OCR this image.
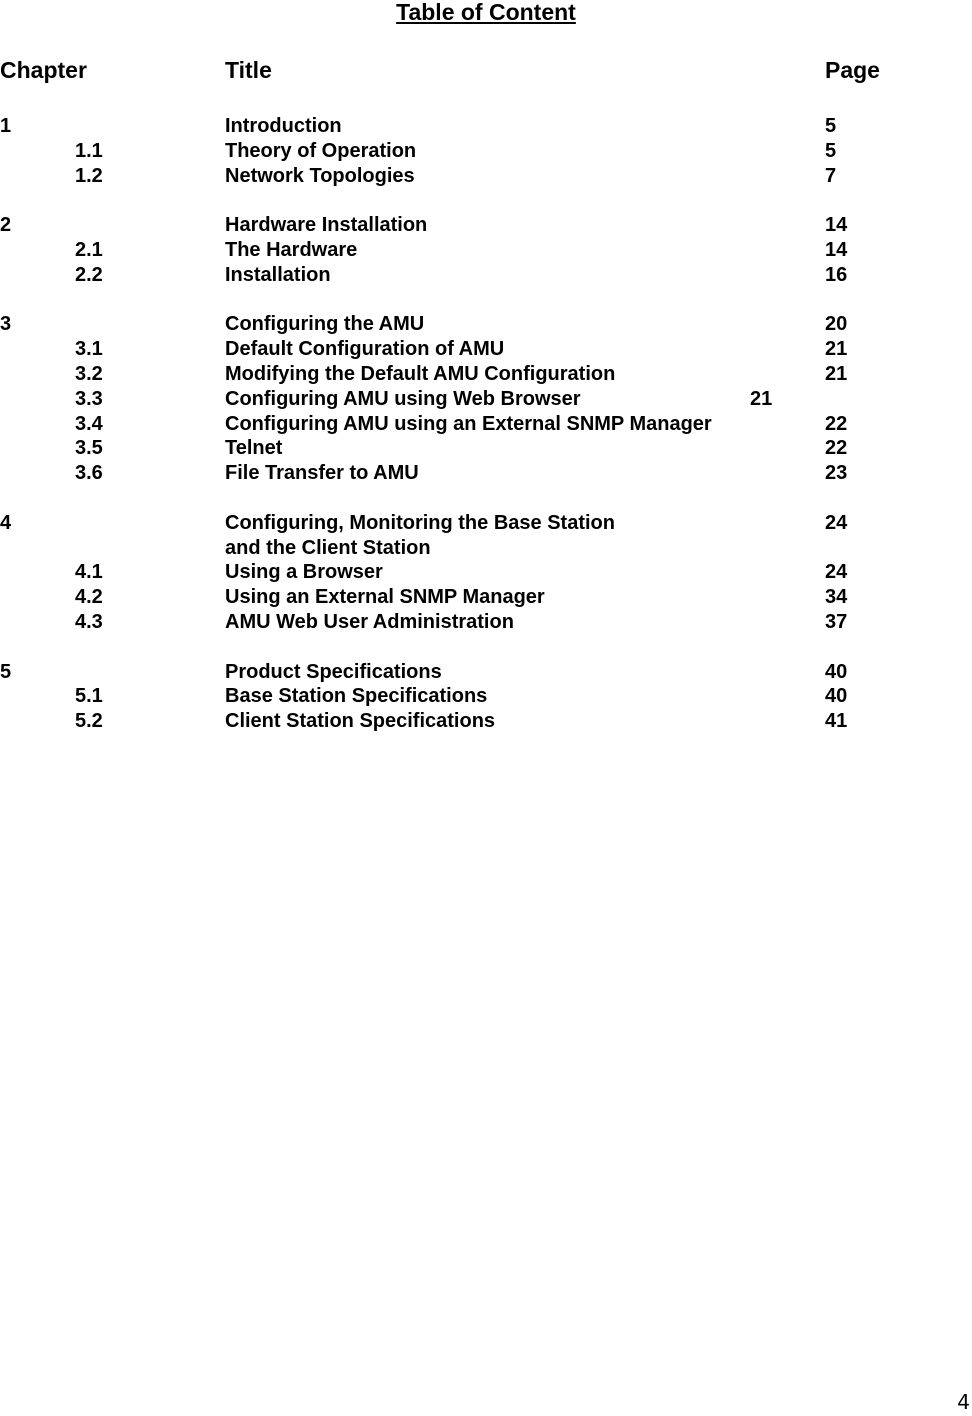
Table of Content
Chapter	Title	Page
1	Introduction	5
1.1	Theory of Operation	5
1.2	Network Topologies	7
2	Hardware Installation	14
2.1	The Hardware	14
2.2	Installation	16
3	Configuring the AMU	20
3.1	Default Configuration of AMU	21
3.2	Modifying the Default AMU Configuration	21
3.3	Configuring AMU using Web Browser	21
3.4	Configuring AMU using an External SNMP Manager	22
3.5	Telnet	22
3.6	File Transfer to AMU	23
4	Configuring, Monitoring the Base Station	24
and the Client Station
4.1	Using a Browser	24
4.2	Using an External SNMP Manager	34
4.3	AMU Web User Administration	37
5	Product Specifications	40
5.1	Base Station Specifications	40
5.2	Client Station Specifications	41
4
